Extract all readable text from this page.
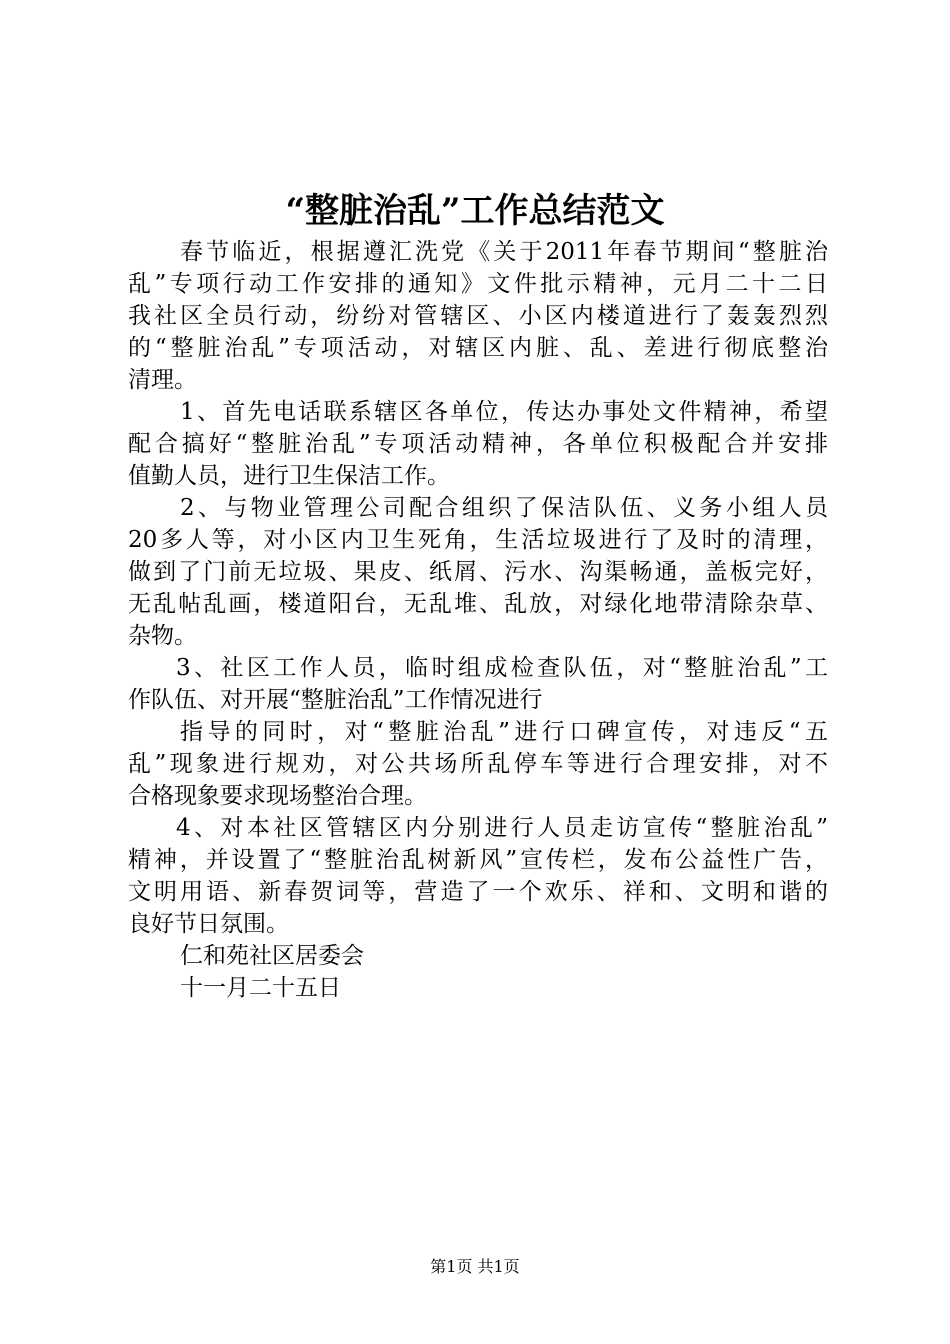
“整脏治乱”工作总结范文
春节临近，根据遵汇洗党《关于2011年春节期间“整脏治
乱”专项行动工作安排的通知》文件批示精神，元月二十二日
我社区全员行动，纷纷对管辖区、小区内楼道进行了轰轰烈烈
的“整脏治乱”专项活动，对辖区内脏、乱、差进行彻底整治
清理。
1、首先电话联系辖区各单位，传达办事处文件精神，希望
配合搞好“整脏治乱”专项活动精神，各单位积极配合并安排
值勤人员，进行卫生保洁工作。
2、与物业管理公司配合组织了保洁队伍、义务小组人员
20多人等，对小区内卫生死角，生活垃圾进行了及时的清理，
做到了门前无垃圾、果皮、纸屑、污水、沟渠畅通，盖板完好，
无乱帖乱画，楼道阳台，无乱堆、乱放，对绿化地带清除杂草、
杂物。
3、社区工作人员，临时组成检查队伍，对“整脏治乱”工
作队伍、对开展“整脏治乱”工作情况进行
指导的同时，对“整脏治乱”进行口碑宣传，对违反“五
乱”现象进行规劝，对公共场所乱停车等进行合理安排，对不
合格现象要求现场整治合理。
4、对本社区管辖区内分别进行人员走访宣传“整脏治乱”
精神，并设置了“整脏治乱树新风”宣传栏，发布公益性广告，
文明用语、新春贺词等，营造了一个欢乐、祥和、文明和谐的
良好节日氛围。
仁和苑社区居委会
十一月二十五日
第1页 共1页
